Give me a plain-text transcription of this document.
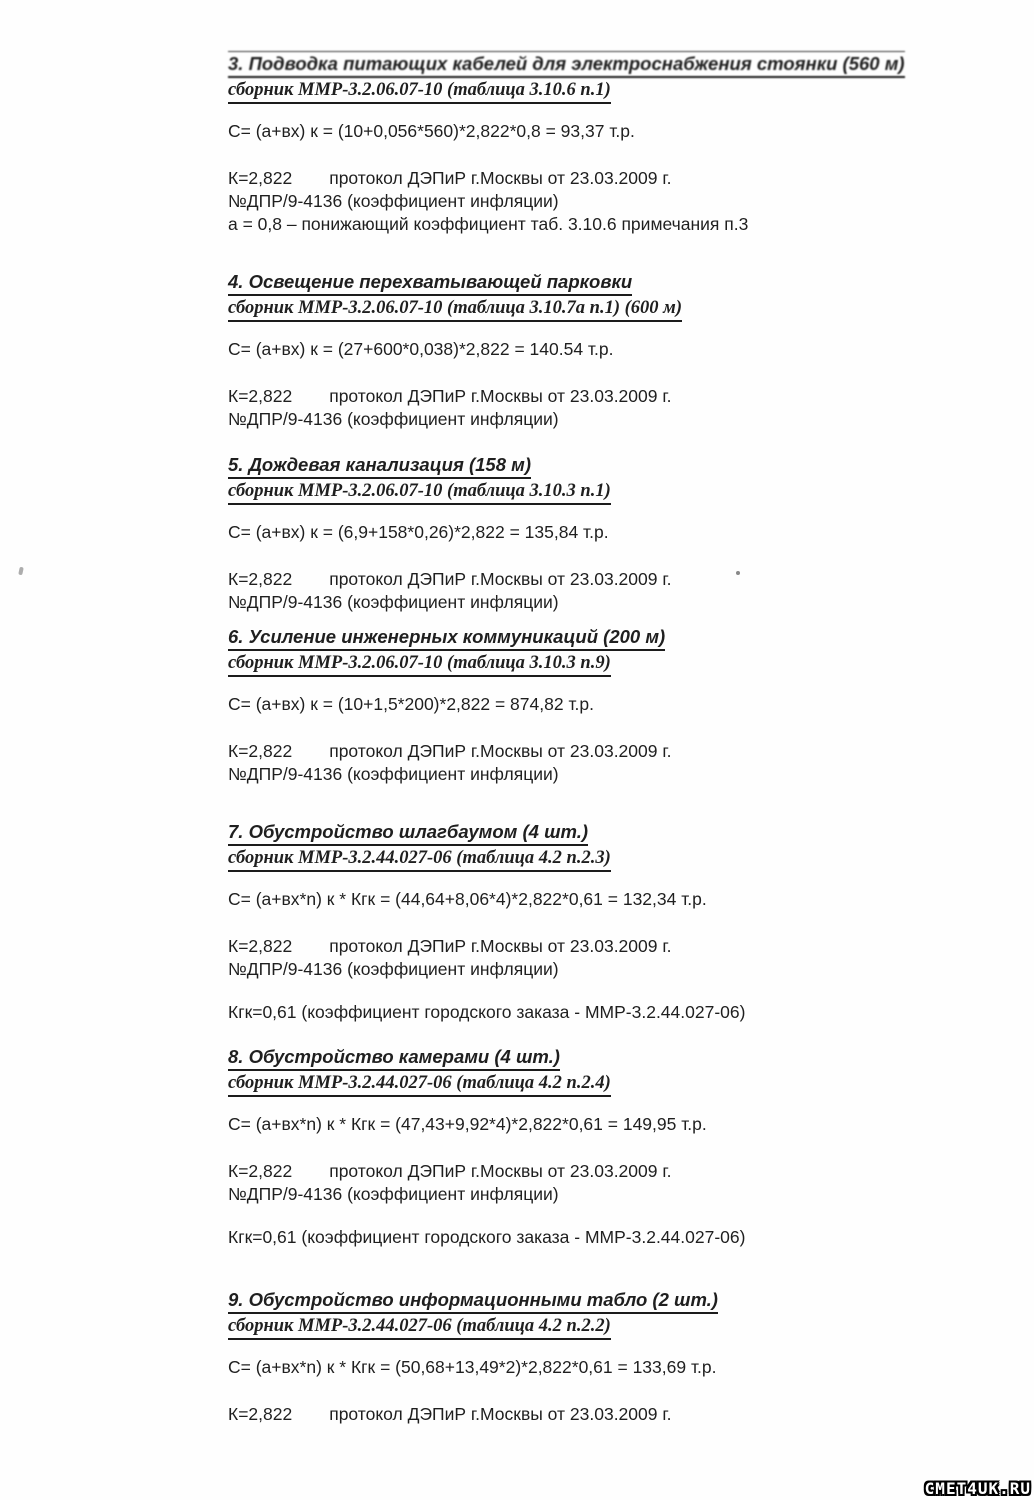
3. Подводка питающих кабелей для электроснабжения стоянки (560 м)
сборник ММР-3.2.06.07-10 (таблица 3.10.6 п.1)
С= (а+вх) к = (10+0,056*560)*2,822*0,8 = 93,37 т.р.
К=2,822 протокол ДЭПиР г.Москвы от 23.03.2009 г.
№ДПР/9-4136 (коэффициент инфляции)
а = 0,8 – понижающий коэффициент таб. 3.10.6 примечания п.3
4. Освещение перехватывающей парковки
сборник ММР-3.2.06.07-10 (таблица 3.10.7а п.1) (600 м)
С= (а+вх) к = (27+600*0,038)*2,822 = 140.54 т.р.
К=2,822 протокол ДЭПиР г.Москвы от 23.03.2009 г.
№ДПР/9-4136 (коэффициент инфляции)
5. Дождевая канализация (158 м)
сборник ММР-3.2.06.07-10 (таблица 3.10.3 п.1)
С= (а+вх) к = (6,9+158*0,26)*2,822 = 135,84 т.р.
К=2,822 протокол ДЭПиР г.Москвы от 23.03.2009 г.
№ДПР/9-4136 (коэффициент инфляции)
6. Усиление инженерных коммуникаций (200 м)
сборник ММР-3.2.06.07-10 (таблица 3.10.3 п.9)
С= (а+вх) к = (10+1,5*200)*2,822 = 874,82 т.р.
К=2,822 протокол ДЭПиР г.Москвы от 23.03.2009 г.
№ДПР/9-4136 (коэффициент инфляции)
7. Обустройство шлагбаумом (4 шт.)
сборник ММР-3.2.44.027-06 (таблица 4.2 п.2.3)
С= (а+вх*n) к * Кгк = (44,64+8,06*4)*2,822*0,61 = 132,34 т.р.
К=2,822 протокол ДЭПиР г.Москвы от 23.03.2009 г.
№ДПР/9-4136 (коэффициент инфляции)
Кгк=0,61 (коэффициент городского заказа - ММР-3.2.44.027-06)
8. Обустройство камерами (4 шт.)
сборник ММР-3.2.44.027-06 (таблица 4.2 п.2.4)
С= (а+вх*n) к * Кгк = (47,43+9,92*4)*2,822*0,61 = 149,95 т.р.
К=2,822 протокол ДЭПиР г.Москвы от 23.03.2009 г.
№ДПР/9-4136 (коэффициент инфляции)
Кгк=0,61 (коэффициент городского заказа - ММР-3.2.44.027-06)
9. Обустройство информационными табло (2 шт.)
сборник ММР-3.2.44.027-06 (таблица 4.2 п.2.2)
С= (а+вх*n) к * Кгк = (50,68+13,49*2)*2,822*0,61 = 133,69 т.р.
К=2,822 протокол ДЭПиР г.Москвы от 23.03.2009 г.
CMET4UK.RU
